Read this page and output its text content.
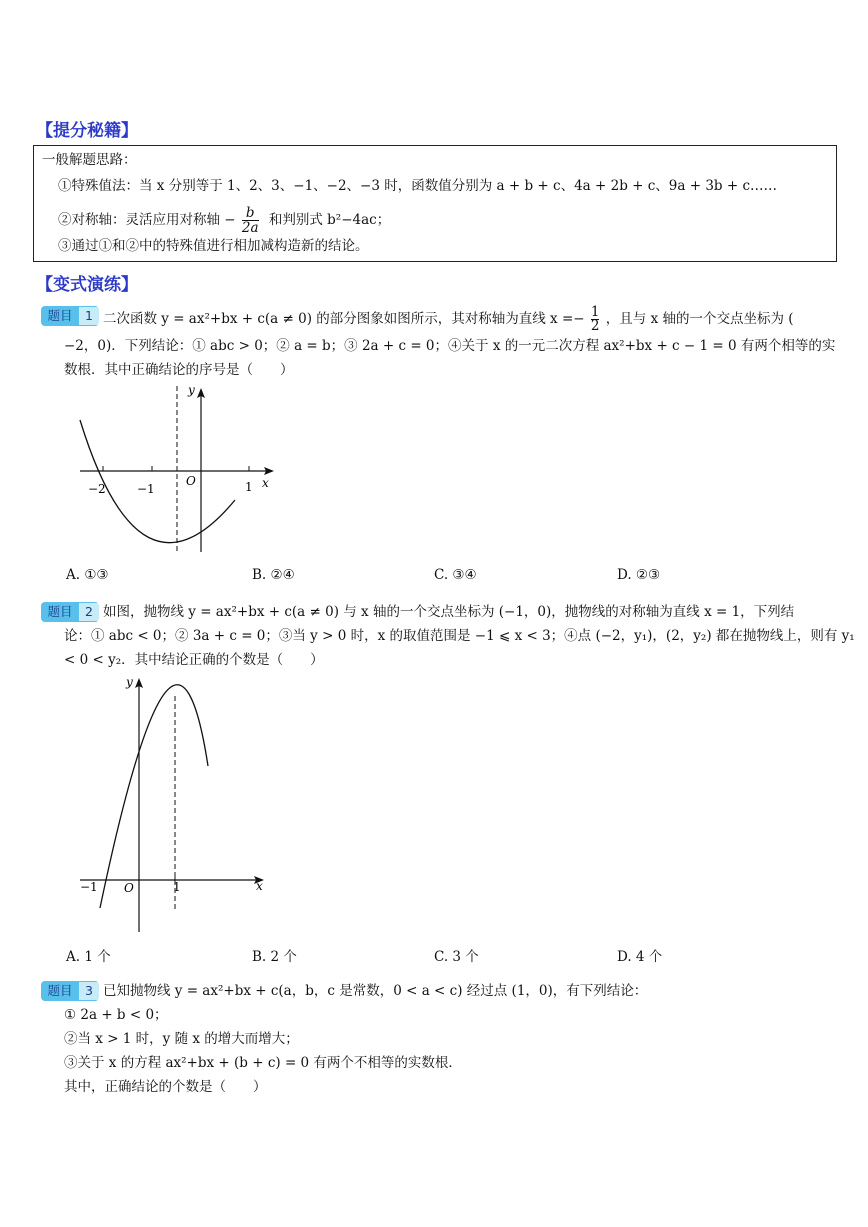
【提分秘籍】
一般解题思路：
①特殊值法：当 x 分别等于 1、2、3、−1、−2、−3 时，函数值分别为 a + b + c、4a + 2b + c、9a + 3b + c……
②对称轴：灵活应用对称轴 − $\frac{b}{2a}$ 和判别式 b²−4ac；
③通过①和②中的特殊值进行相加减构造新的结论。
【变式演练】
题目	1 二次函数 y = ax²+bx + c(a ≠ 0) 的部分图象如图所示，其对称轴为直线 $x =- \frac{1}{2}$ ，且与 x 轴的一个交点坐标为 (
−2，0)．下列结论：① abc > 0；② a = b；③ 2a + c = 0；④关于 x 的一元二次方程 ax²+bx + c − 1 = 0 有两个相等的实
数根．其中正确结论的序号是（　　）
y
x
O
−2	−1	1
A. ①③	B. ②④	C. ③④	D. ②③
题目	2 如图，抛物线 y = ax²+bx + c(a ≠ 0) 与 x 轴的一个交点坐标为 (−1，0)，抛物线的对称轴为直线 x = 1，下列结
论：① abc < 0；② 3a + c = 0；③当 y > 0 时，x 的取值范围是 −1 ⩽ x < 3；④点 (−2，y₁)，(2，y₂) 都在抛物线上，则有 y₁
< 0 < y₂．其中结论正确的个数是（　　）
y
x
O
−1	1
A. 1 个	B. 2 个	C. 3 个	D. 4 个
题目	3 已知抛物线 y = ax²+bx + c(a，b，c 是常数，0 < a < c) 经过点 (1，0)，有下列结论：
① 2a + b < 0；
②当 x > 1 时，y 随 x 的增大而增大；
③关于 x 的方程 ax²+bx + (b + c) = 0 有两个不相等的实数根．
其中，正确结论的个数是（　　）
